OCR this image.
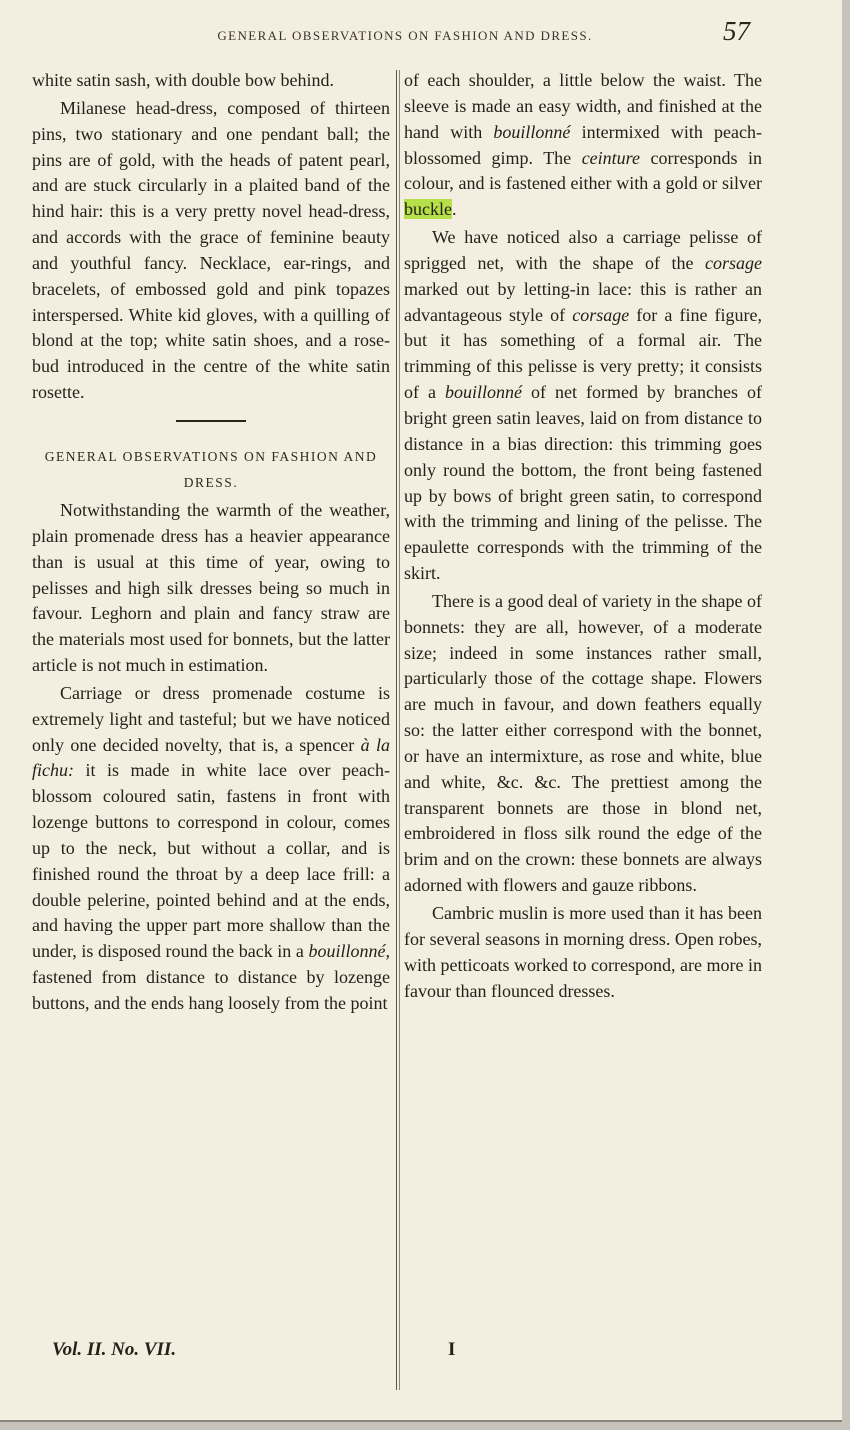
GENERAL OBSERVATIONS ON FASHION AND DRESS.	57

white satin sash, with double bow behind.

Milanese head-dress, composed of thirteen pins, two stationary and one pendant ball; the pins are of gold, with the heads of patent pearl, and are stuck circularly in a plaited band of the hind hair: this is a very pretty novel head-dress, and accords with the grace of feminine beauty and youthful fancy. Necklace, ear-rings, and bracelets, of embossed gold and pink topazes interspersed. White kid gloves, with a quilling of blond at the top; white satin shoes, and a rose-bud introduced in the centre of the white satin rosette.

GENERAL OBSERVATIONS ON FASHION AND DRESS.

Notwithstanding the warmth of the weather, plain promenade dress has a heavier appearance than is usual at this time of year, owing to pelisses and high silk dresses being so much in favour. Leghorn and plain and fancy straw are the materials most used for bonnets, but the latter article is not much in estimation.

Carriage or dress promenade costume is extremely light and tasteful; but we have noticed only one decided novelty, that is, a spencer à la fichu: it is made in white lace over peach-blossom coloured satin, fastens in front with lozenge buttons to correspond in colour, comes up to the neck, but without a collar, and is finished round the throat by a deep lace frill: a double pelerine, pointed behind and at the ends, and having the upper part more shallow than the under, is disposed round the back in a bouillonné, fastened from distance to distance by lozenge buttons, and the ends hang loosely from the point

of each shoulder, a little below the waist. The sleeve is made an easy width, and finished at the hand with bouillonné intermixed with peach-blossomed gimp. The ceinture corresponds in colour, and is fastened either with a gold or silver buckle.

We have noticed also a carriage pelisse of sprigged net, with the shape of the corsage marked out by letting-in lace: this is rather an advantageous style of corsage for a fine figure, but it has something of a formal air. The trimming of this pelisse is very pretty; it consists of a bouillonné of net formed by branches of bright green satin leaves, laid on from distance to distance in a bias direction: this trimming goes only round the bottom, the front being fastened up by bows of bright green satin, to correspond with the trimming and lining of the pelisse. The epaulette corresponds with the trimming of the skirt.

There is a good deal of variety in the shape of bonnets: they are all, however, of a moderate size; indeed in some instances rather small, particularly those of the cottage shape. Flowers are much in favour, and down feathers equally so: the latter either correspond with the bonnet, or have an intermixture, as rose and white, blue and white, &c. &c. The prettiest among the transparent bonnets are those in blond net, embroidered in floss silk round the edge of the brim and on the crown: these bonnets are always adorned with flowers and gauze ribbons.

Cambric muslin is more used than it has been for several seasons in morning dress. Open robes, with petticoats worked to correspond, are more in favour than flounced dresses.

Vol. II. No. VII.	I
